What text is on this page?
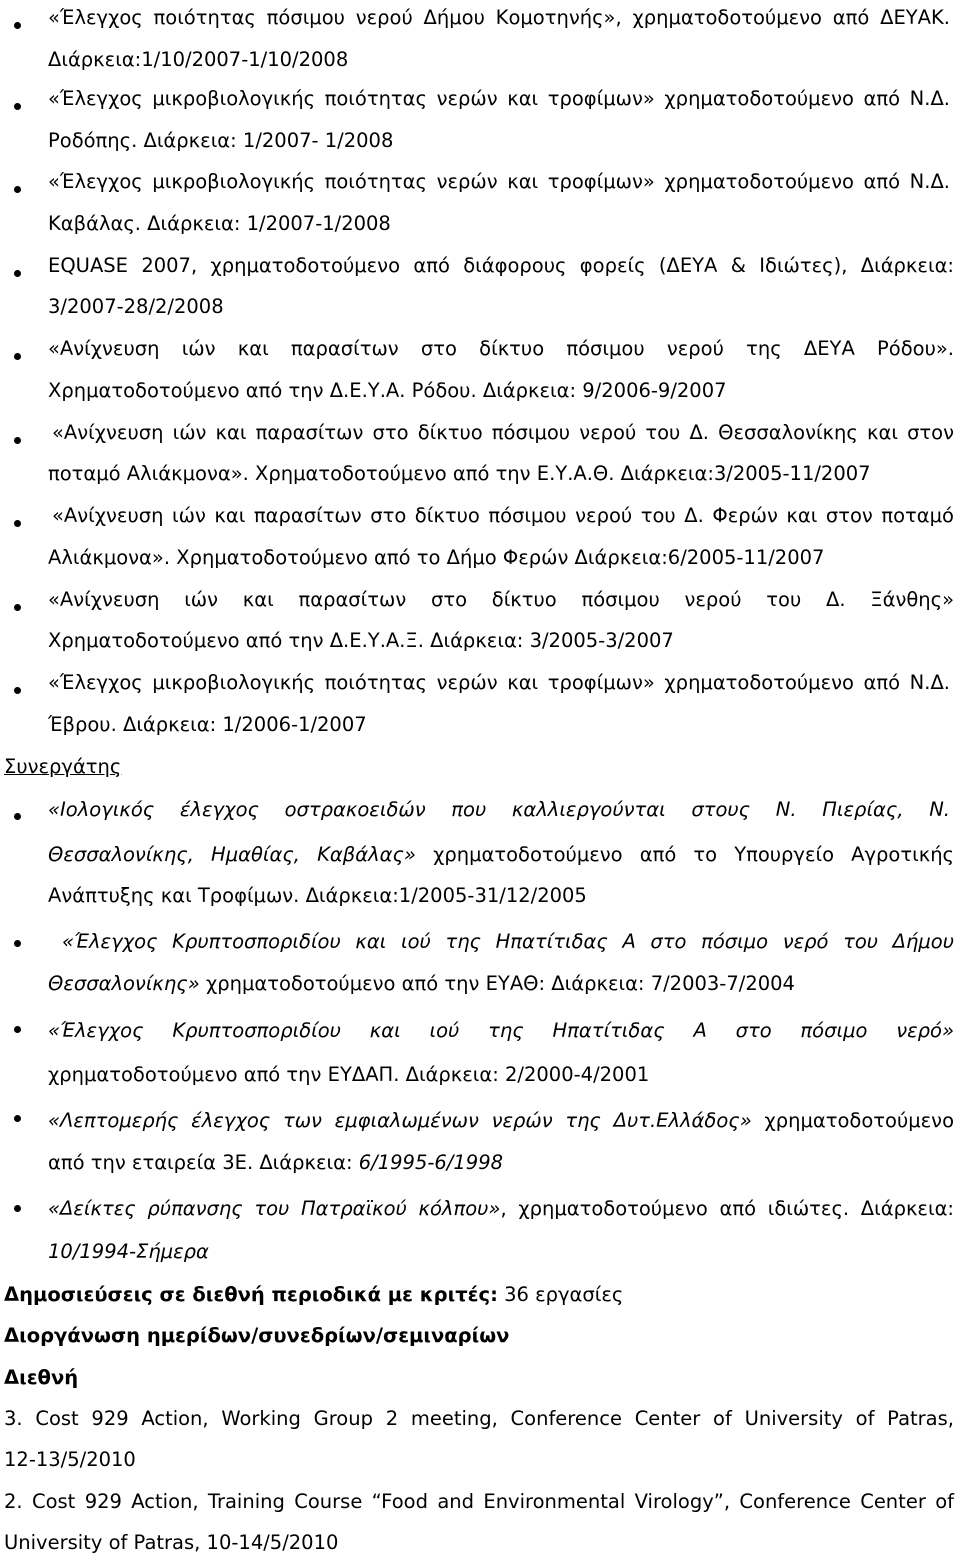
«Έλεγχος ποιότητας πόσιμου νερού Δήμου Κομοτηνής», χρηματοδοτούμενο από ΔΕΥΑΚ.
Διάρκεια:1/10/2007-1/10/2008
«Έλεγχος μικροβιολογικής ποιότητας νερών και τροφίμων» χρηματοδοτούμενο από Ν.Δ.
Ροδόπης. Διάρκεια: 1/2007- 1/2008
«Έλεγχος μικροβιολογικής ποιότητας νερών και τροφίμων» χρηματοδοτούμενο από Ν.Δ.
Καβάλας. Διάρκεια: 1/2007-1/2008
EQUASE 2007, χρηματοδοτούμενο από διάφορους φορείς (ΔΕΥΑ & Ιδιώτες), Διάρκεια:
3/2007-28/2/2008
«Ανίχνευση ιών και παρασίτων στο δίκτυο πόσιμου νερού της ΔΕΥΑ Ρόδου».
Χρηματοδοτούμενο από την Δ.Ε.Υ.Α. Ρόδου. Διάρκεια: 9/2006-9/2007
«Ανίχνευση ιών και παρασίτων στο δίκτυο πόσιμου νερού του Δ. Θεσσαλονίκης και στον
ποταμό Αλιάκμονα». Χρηματοδοτούμενο από την Ε.Υ.Α.Θ. Διάρκεια:3/2005-11/2007
«Ανίχνευση ιών και παρασίτων στο δίκτυο πόσιμου νερού του Δ. Φερών και στον ποταμό
Αλιάκμονα». Χρηματοδοτούμενο από το Δήμο Φερών Διάρκεια:6/2005-11/2007
«Ανίχνευση ιών και παρασίτων στο δίκτυο πόσιμου νερού του Δ. Ξάνθης»
Χρηματοδοτούμενο από την Δ.Ε.Υ.Α.Ξ. Διάρκεια: 3/2005-3/2007
«Έλεγχος μικροβιολογικής ποιότητας νερών και τροφίμων» χρηματοδοτούμενο από Ν.Δ.
Έβρου. Διάρκεια: 1/2006-1/2007
Συνεργάτης
«Ιολογικός έλεγχος οστρακοειδών που καλλιεργούνται στους Ν. Πιερίας, Ν.
Θεσσαλονίκης, Ημαθίας, Καβάλας» χρηματοδοτούμενο από το Υπουργείο Αγροτικής
Ανάπτυξης και Τροφίμων. Διάρκεια:1/2005-31/12/2005
«Έλεγχος Κρυπτοσποριδίου και ιού της Ηπατίτιδας Α στο πόσιμο νερό του Δήμου
Θεσσαλονίκης» χρηματοδοτούμενο από την ΕΥΑΘ: Διάρκεια: 7/2003-7/2004
«Έλεγχος Κρυπτοσποριδίου και ιού της Ηπατίτιδας Α στο πόσιμο νερό»
χρηματοδοτούμενο από την ΕΥΔΑΠ. Διάρκεια: 2/2000-4/2001
«Λεπτομερής έλεγχος των εμφιαλωμένων νερών της Δυτ.Ελλάδος» χρηματοδοτούμενο
από την εταιρεία 3Ε. Διάρκεια: 6/1995-6/1998
«Δείκτες ρύπανσης του Πατραϊκού κόλπου», χρηματοδοτούμενο από ιδιώτες. Διάρκεια:
10/1994-Σήμερα
Δημοσιεύσεις σε διεθνή περιοδικά με κριτές: 36 εργασίες
Διοργάνωση ημερίδων/συνεδρίων/σεμιναρίων
Διεθνή
3. Cost 929 Action, Working Group 2 meeting, Conference Center of University of Patras,
12-13/5/2010
2. Cost 929 Action, Training Course “Food and Environmental Virology”, Conference Center of
University of Patras, 10-14/5/2010
